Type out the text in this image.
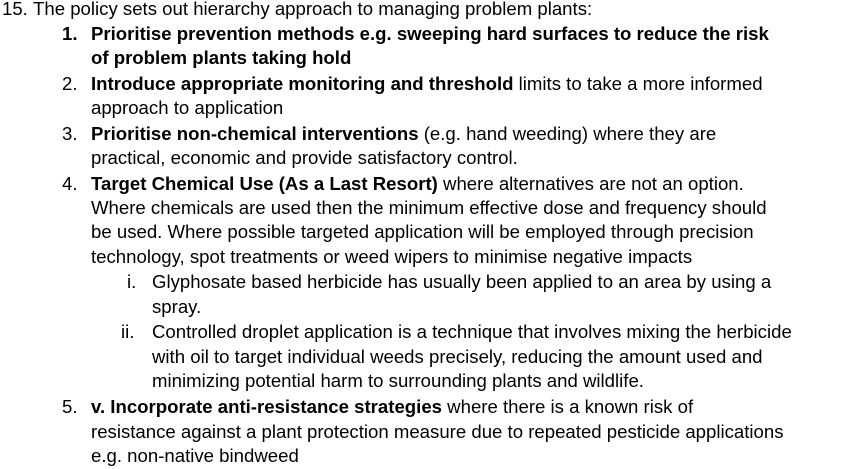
15. The policy sets out hierarchy approach to managing problem plants:
1. Prioritise prevention methods e.g. sweeping hard surfaces to reduce the risk
of problem plants taking hold
2. Introduce appropriate monitoring and threshold limits to take a more informed
approach to application
3. Prioritise non-chemical interventions (e.g. hand weeding) where they are
practical, economic and provide satisfactory control.
4. Target Chemical Use (As a Last Resort) where alternatives are not an option.
Where chemicals are used then the minimum effective dose and frequency should
be used. Where possible targeted application will be employed through precision
technology, spot treatments or weed wipers to minimise negative impacts
i. Glyphosate based herbicide has usually been applied to an area by using a
spray.
ii. Controlled droplet application is a technique that involves mixing the herbicide
with oil to target individual weeds precisely, reducing the amount used and
minimizing potential harm to surrounding plants and wildlife.
5. v. Incorporate anti-resistance strategies where there is a known risk of
resistance against a plant protection measure due to repeated pesticide applications
e.g. non-native bindweed
